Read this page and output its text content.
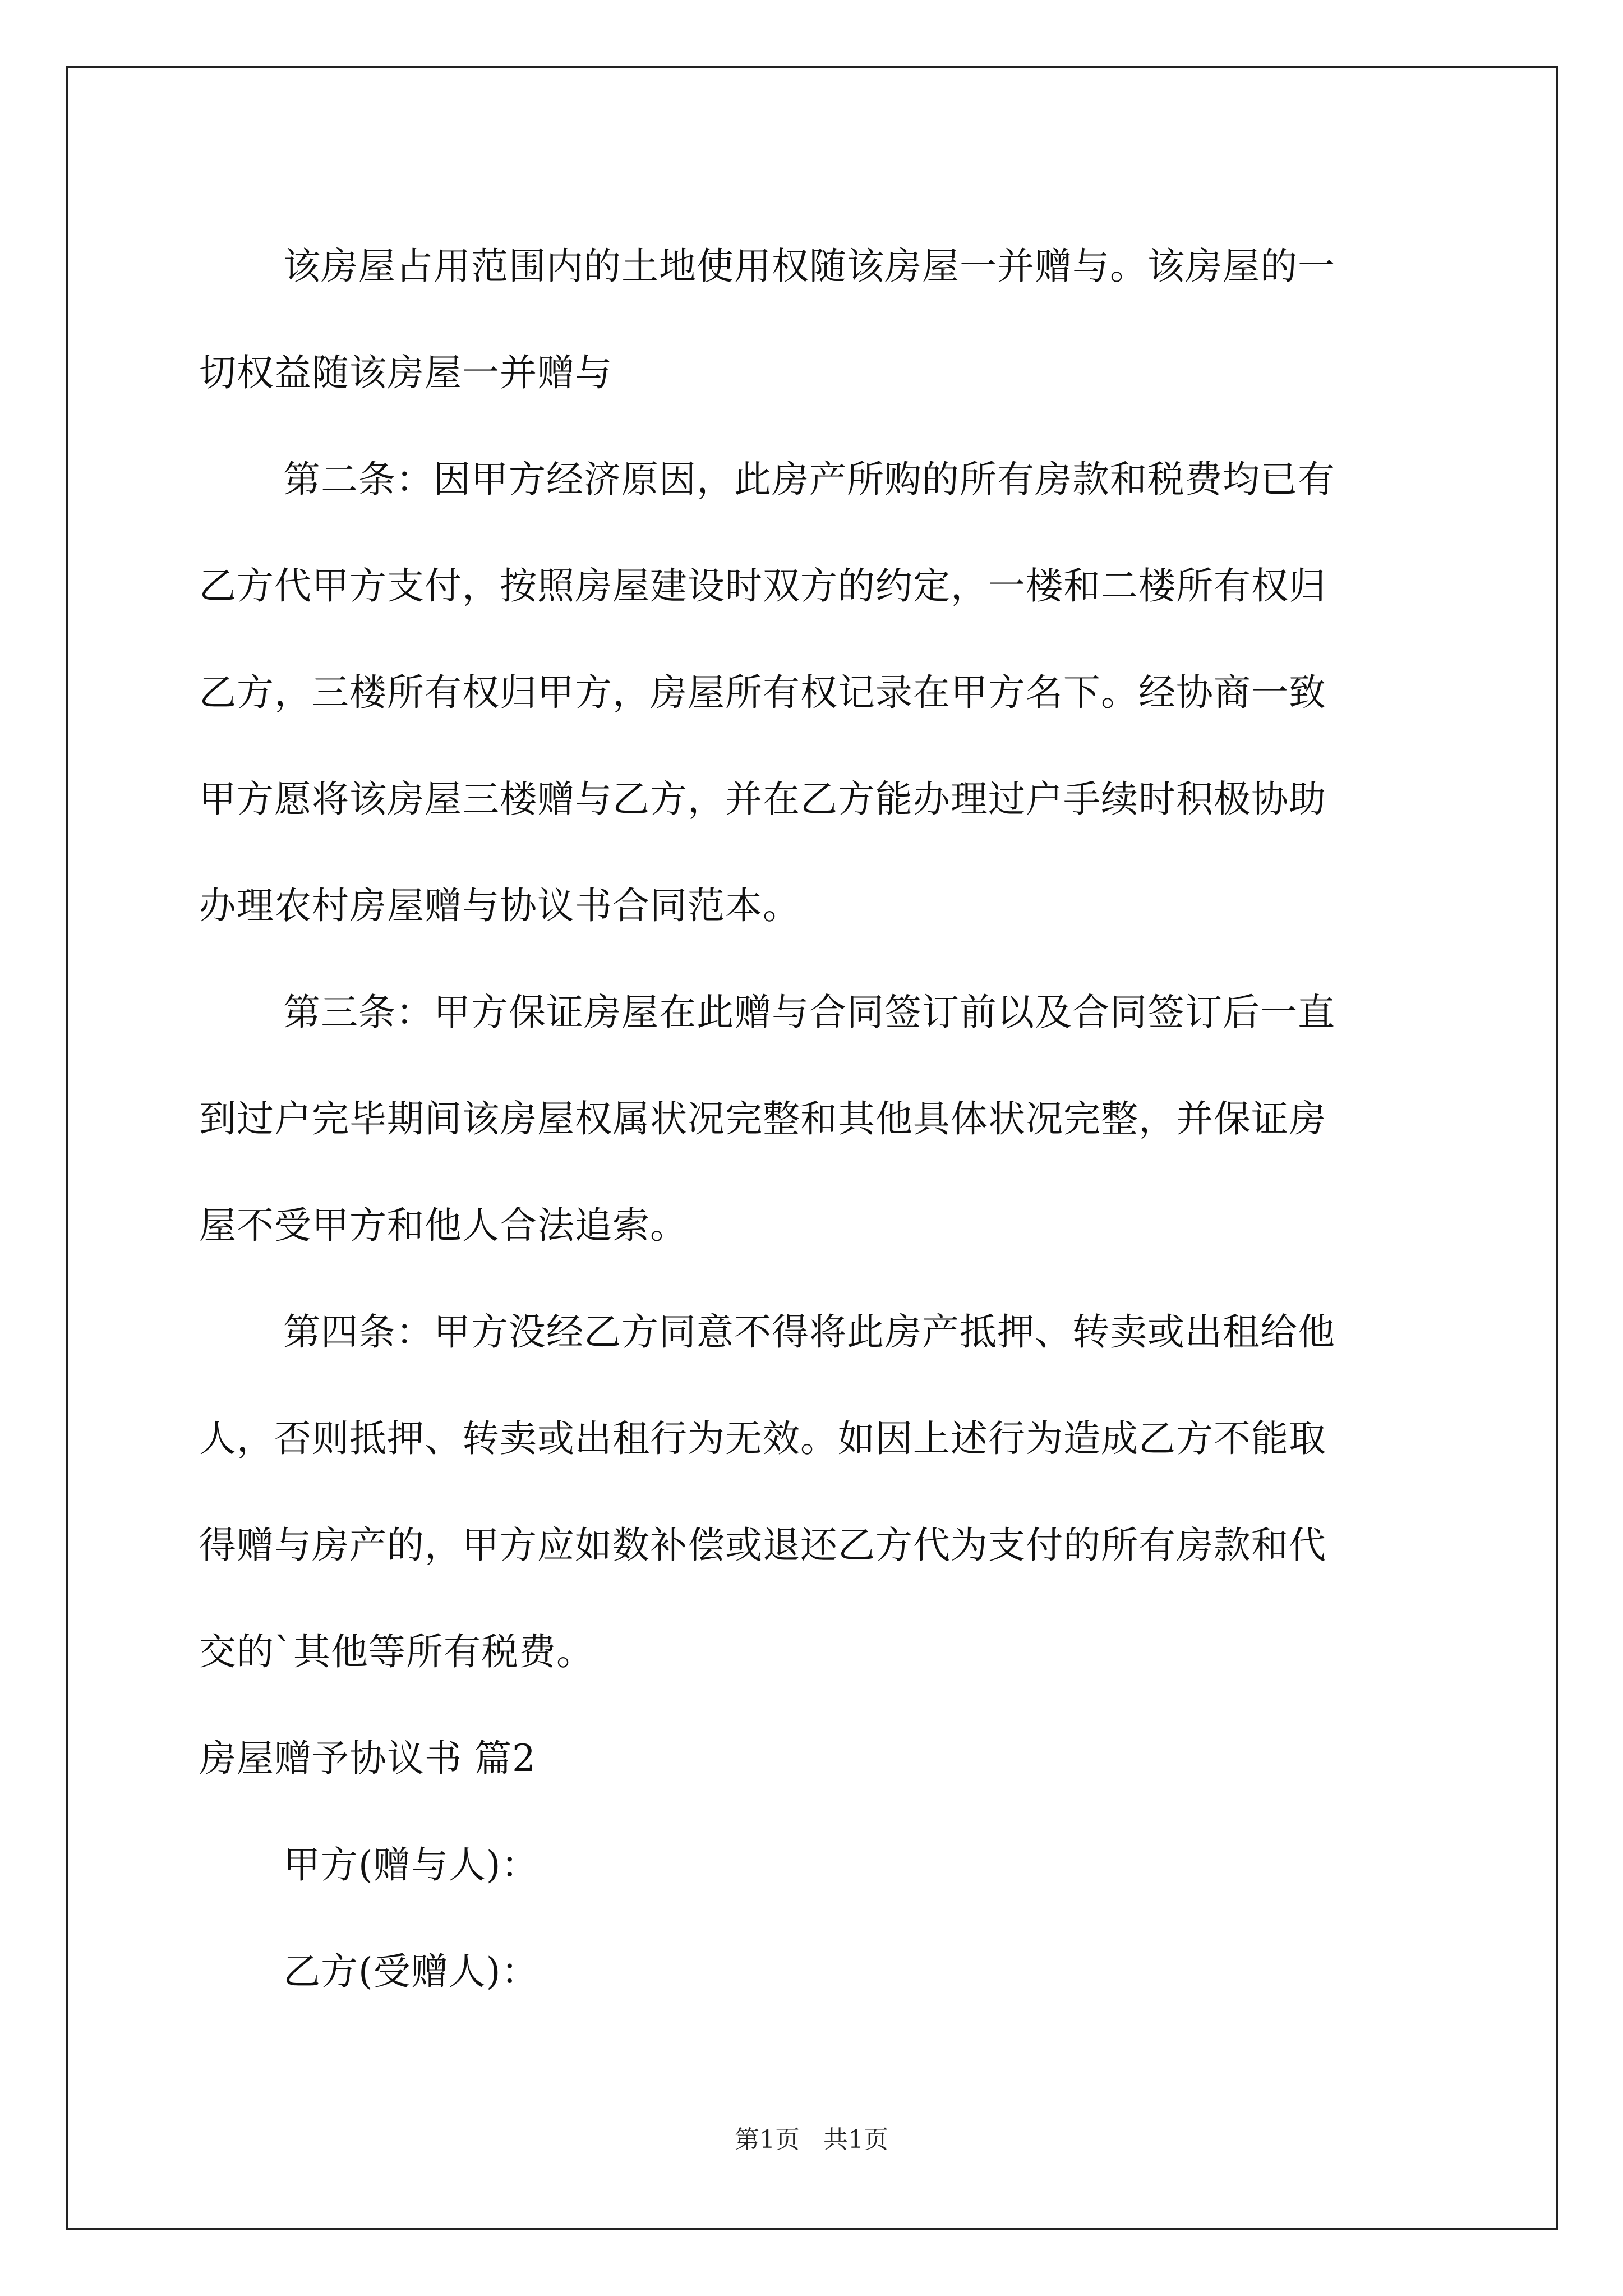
该房屋占用范围内的土地使用权随该房屋一并赠与。该房屋的一
切权益随该房屋一并赠与
第二条：因甲方经济原因，此房产所购的所有房款和税费均已有
乙方代甲方支付，按照房屋建设时双方的约定，一楼和二楼所有权归
乙方，三楼所有权归甲方，房屋所有权记录在甲方名下。经协商一致
甲方愿将该房屋三楼赠与乙方，并在乙方能办理过户手续时积极协助
办理农村房屋赠与协议书合同范本。
第三条：甲方保证房屋在此赠与合同签订前以及合同签订后一直
到过户完毕期间该房屋权属状况完整和其他具体状况完整，并保证房
屋不受甲方和他人合法追索。
第四条：甲方没经乙方同意不得将此房产抵押、转卖或出租给他
人，否则抵押、转卖或出租行为无效。如因上述行为造成乙方不能取
得赠与房产的，甲方应如数补偿或退还乙方代为支付的所有房款和代
交的`其他等所有税费。
房屋赠予协议书 篇2
甲方(赠与人)：
乙方(受赠人)：
第1页 共1页
